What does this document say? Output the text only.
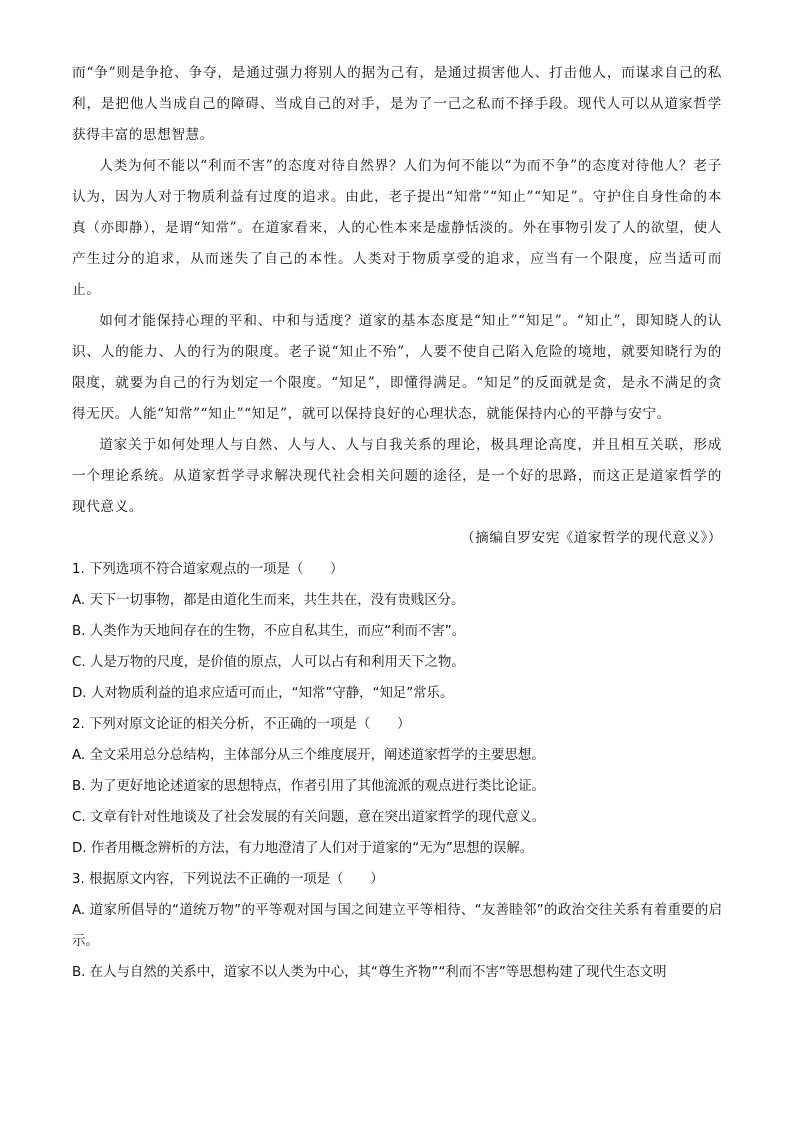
而“争”则是争抢、争夺，是通过强力将别人的据为己有，是通过损害他人、打击他人，而谋求自己的私利，是把他人当成自己的障碍、当成自己的对手，是为了一己之私而不择手段。现代人可以从道家哲学获得丰富的思想智慧。

人类为何不能以“利而不害”的态度对待自然界？人们为何不能以“为而不争”的态度对待他人？老子认为，因为人对于物质利益有过度的追求。由此，老子提出“知常”“知止”“知足”。守护住自身性命的本真（亦即静），是谓“知常”。在道家看来，人的心性本来是虚静恬淡的。外在事物引发了人的欲望，使人产生过分的追求，从而迷失了自己的本性。人类对于物质享受的追求，应当有一个限度，应当适可而止。

如何才能保持心理的平和、中和与适度？道家的基本态度是“知止”“知足”。“知止”，即知晓人的认识、人的能力、人的行为的限度。老子说“知止不殆”，人要不使自己陷入危险的境地，就要知晓行为的限度，就要为自己的行为划定一个限度。“知足”，即懂得满足。“知足”的反面就是贪，是永不满足的贪得无厌。人能“知常”“知止”“知足”，就可以保持良好的心理状态，就能保持内心的平静与安宁。

道家关于如何处理人与自然、人与人、人与自我关系的理论，极具理论高度，并且相互关联，形成一个理论系统。从道家哲学寻求解决现代社会相关问题的途径，是一个好的思路，而这正是道家哲学的现代意义。

（摘编自罗安宪《道家哲学的现代意义》）

1. 下列选项不符合道家观点的一项是（　　）

A. 天下一切事物，都是由道化生而来，共生共在，没有贵贱区分。

B. 人类作为天地间存在的生物，不应自私其生，而应“利而不害”。

C. 人是万物的尺度，是价值的原点，人可以占有和利用天下之物。

D. 人对物质利益的追求应适可而止，“知常”守静，“知足”常乐。

2. 下列对原文论证的相关分析，不正确的一项是（　　）

A. 全文采用总分总结构，主体部分从三个维度展开，阐述道家哲学的主要思想。

B. 为了更好地论述道家的思想特点，作者引用了其他流派的观点进行类比论证。

C. 文章有针对性地谈及了社会发展的有关问题，意在突出道家哲学的现代意义。

D. 作者用概念辨析的方法，有力地澄清了人们对于道家的“无为”思想的误解。

3. 根据原文内容，下列说法不正确的一项是（　　）

A. 道家所倡导的“道统万物”的平等观对国与国之间建立平等相待、“友善睦邻”的政治交往关系有着重要的启示。

B. 在人与自然的关系中，道家不以人类为中心，其“尊生齐物”“利而不害”等思想构建了现代生态文明
